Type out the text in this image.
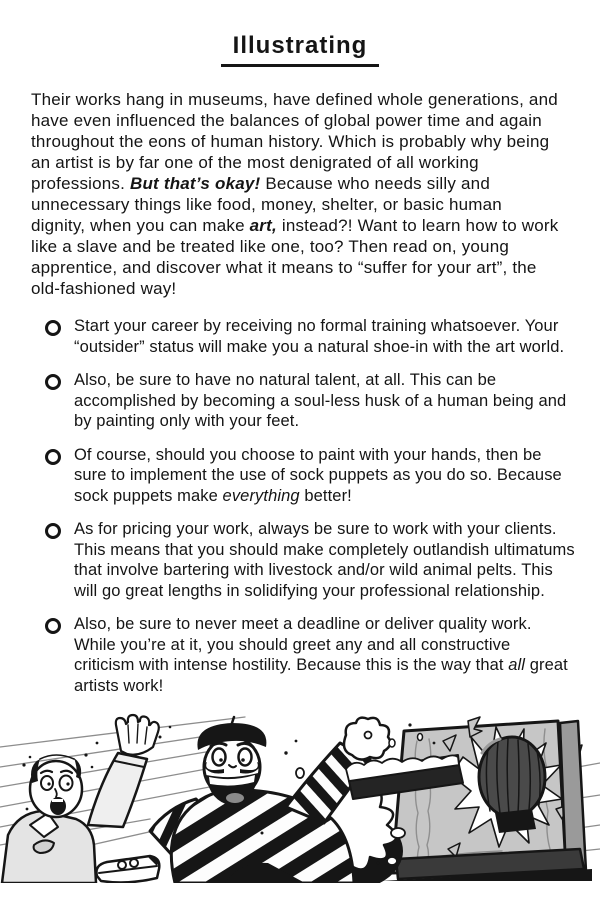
Illustrating

Their works hang in museums, have defined whole generations, and have even influenced the balances of global power time and again throughout the eons of human history. Which is probably why being an artist is by far one of the most denigrated of all working professions. But that’s okay! Because who needs silly and unnecessary things like food, money, shelter, or basic human dignity, when you can make art, instead?! Want to learn how to work like a slave and be treated like one, too? Then read on, young apprentice, and discover what it means to “suffer for your art”, the old-fashioned way!

Start your career by receiving no formal training whatsoever. Your “outsider” status will make you a natural shoe-in with the art world.
Also, be sure to have no natural talent, at all. This can be accomplished by becoming a soul-less husk of a human being and by painting only with your feet.
Of course, should you choose to paint with your hands, then be sure to implement the use of sock puppets as you do so. Because sock puppets make everything better!
As for pricing your work, always be sure to work with your clients. This means that you should make completely outlandish ultimatums that involve bartering with livestock and/or wild animal pelts. This will go great lengths in solidifying your professional relationship.
Also, be sure to never meet a deadline or deliver quality work. While you’re at it, you should greet any and all constructive criticism with intense hostility. Because this is the way that all great artists work!
